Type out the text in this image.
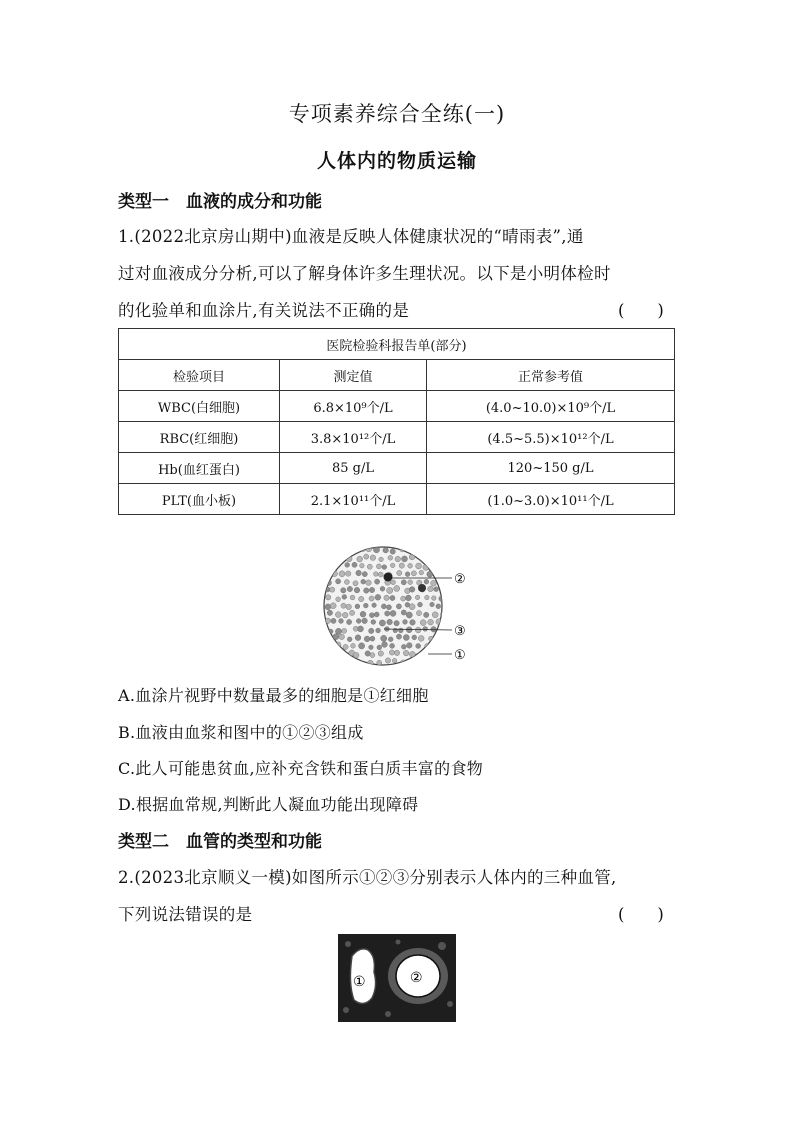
专项素养综合全练(一)
人体内的物质运输
类型一　血液的成分和功能
1.(2022北京房山期中)血液是反映人体健康状况的“晴雨表”,通
过对血液成分分析,可以了解身体许多生理状况。以下是小明体检时
的化验单和血涂片,有关说法不正确的是	(　　)
医院检验科报告单(部分)		
检验项目	测定值	正常参考值
WBC(白细胞)	6.8×10⁹个/L	(4.0~10.0)×10⁹个/L
RBC(红细胞)	3.8×10¹²个/L	(4.5~5.5)×10¹²个/L
Hb(血红蛋白)	85 g/L	120~150 g/L
PLT(血小板)	2.1×10¹¹个/L	(1.0~3.0)×10¹¹个/L
②
③
①
A.血涂片视野中数量最多的细胞是①红细胞
B.血液由血浆和图中的①②③组成
C.此人可能患贫血,应补充含铁和蛋白质丰富的食物
D.根据血常规,判断此人凝血功能出现障碍
类型二　血管的类型和功能
2.(2023北京顺义一模)如图所示①②③分别表示人体内的三种血管,
下列说法错误的是	(　　)
①	②
